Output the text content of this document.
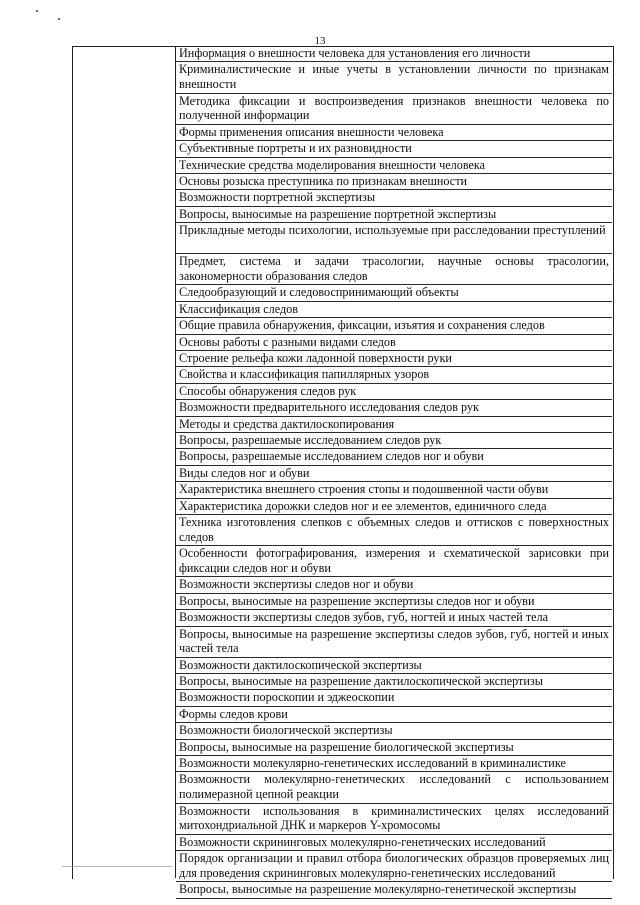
13
Информация о внешности человека для установления его личности
Криминалистические и иные учеты в установлении личности по признакам внешности
Методика фиксации и воспроизведения признаков внешности человека по полученной информации
Формы применения описания внешности человека
Субъективные портреты и их разновидности
Технические средства моделирования внешности человека
Основы розыска преступника по признакам внешности
Возможности портретной экспертизы
Вопросы, выносимые на разрешение портретной экспертизы
Прикладные методы психологии, используемые при расследовании преступлений
Предмет, система и задачи трасологии, научные основы трасологии, закономерности образования следов
Следообразующий и следовоспринимающий объекты
Классификация следов
Общие правила обнаружения, фиксации, изъятия и сохранения следов
Основы работы с разными видами следов
Строение рельефа кожи ладонной поверхности руки
Свойства и классификация папиллярных узоров
Способы обнаружения следов рук
Возможности предварительного исследования следов рук
Методы и средства дактилоскопирования
Вопросы, разрешаемые исследованием следов рук
Вопросы, разрешаемые исследованием следов ног и обуви
Виды следов ног и обуви
Характеристика внешнего строения стопы и подошвенной части обуви
Характеристика дорожки следов ног и ее элементов, единичного следа
Техника изготовления слепков с объемных следов и оттисков с поверхностных следов
Особенности фотографирования, измерения и схематической зарисовки при фиксации следов ног и обуви
Возможности экспертизы следов ног и обуви
Вопросы, выносимые на разрешение экспертизы следов ног и обуви
Возможности экспертизы следов зубов, губ, ногтей и иных частей тела
Вопросы, выносимые на разрешение экспертизы следов зубов, губ, ногтей и иных частей тела
Возможности дактилоскопической экспертизы
Вопросы, выносимые на разрешение дактилоскопической экспертизы
Возможности пороскопии и эджеоскопии
Формы следов крови
Возможности биологической экспертизы
Вопросы, выносимые на разрешение биологической экспертизы
Возможности молекулярно-генетических исследований в криминалистике
Возможности молекулярно-генетических исследований с использованием полимеразной цепной реакции
Возможности использования в криминалистических целях исследований митохондриальной ДНК и маркеров Y-хромосомы
Возможности скрининговых молекулярно-генетических исследований
Порядок организации и правил отбора биологических образцов проверяемых лиц для проведения скрининговых молекулярно-генетических исследований
Вопросы, выносимые на разрешение молекулярно-генетической экспертизы
